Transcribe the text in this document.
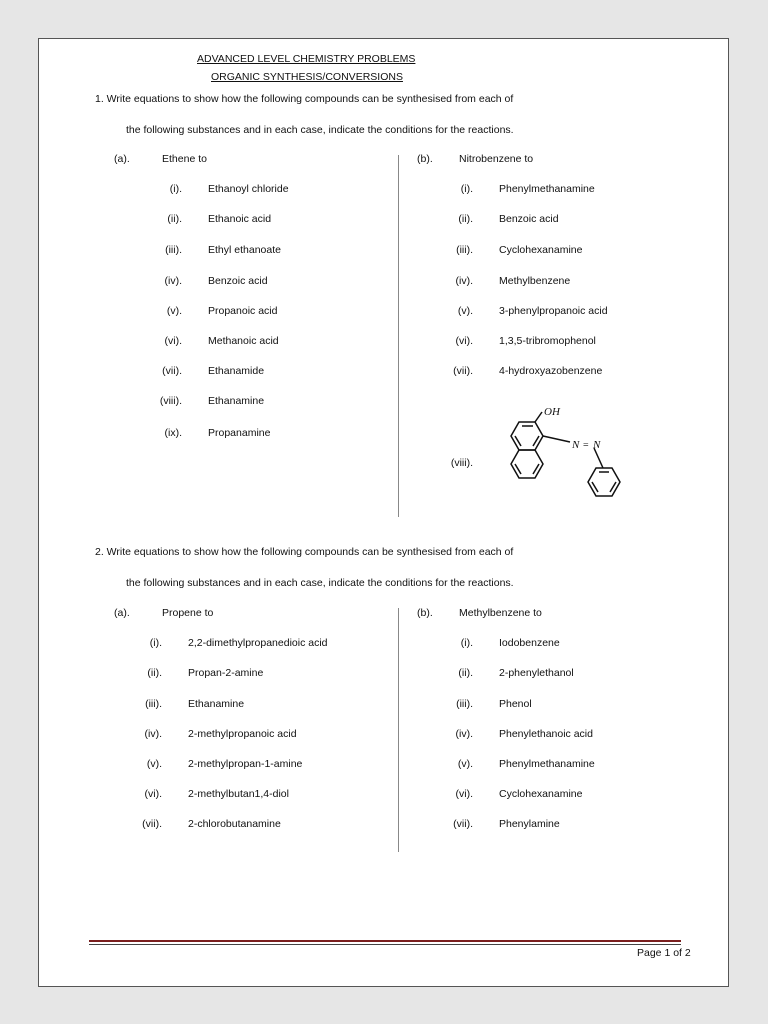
ADVANCED LEVEL CHEMISTRY PROBLEMS
ORGANIC SYNTHESIS/CONVERSIONS
1. Write equations to show how the following compounds can be synthesised from each of
the following substances and in each case, indicate the conditions for the reactions.
(a).	Ethene to
(i). Ethanoyl chloride
(ii). Ethanoic acid
(iii). Ethyl ethanoate
(iv). Benzoic acid
(v). Propanoic acid
(vi). Methanoic acid
(vii). Ethanamide
(viii). Ethanamine
(ix). Propanamine
(b).	Nitrobenzene to
(i). Phenylmethanamine
(ii). Benzoic acid
(iii). Cyclohexanamine
(iv). Methylbenzene
(v). 3-phenylpropanoic acid
(vi). 1,3,5-tribromophenol
(vii). 4-hydroxyazobenzene
(viii).
OH
N = N
2. Write equations to show how the following compounds can be synthesised from each of
the following substances and in each case, indicate the conditions for the reactions.
(a).	Propene to
(i). 2,2-dimethylpropanedioic acid
(ii). Propan-2-amine
(iii). Ethanamine
(iv). 2-methylpropanoic acid
(v). 2-methylpropan-1-amine
(vi). 2-methylbutan1,4-diol
(vii). 2-chlorobutanamine
(b).	Methylbenzene to
(i). Iodobenzene
(ii). 2-phenylethanol
(iii). Phenol
(iv). Phenylethanoic acid
(v). Phenylmethanamine
(vi). Cyclohexanamine
(vii). Phenylamine
Page 1 of 2
